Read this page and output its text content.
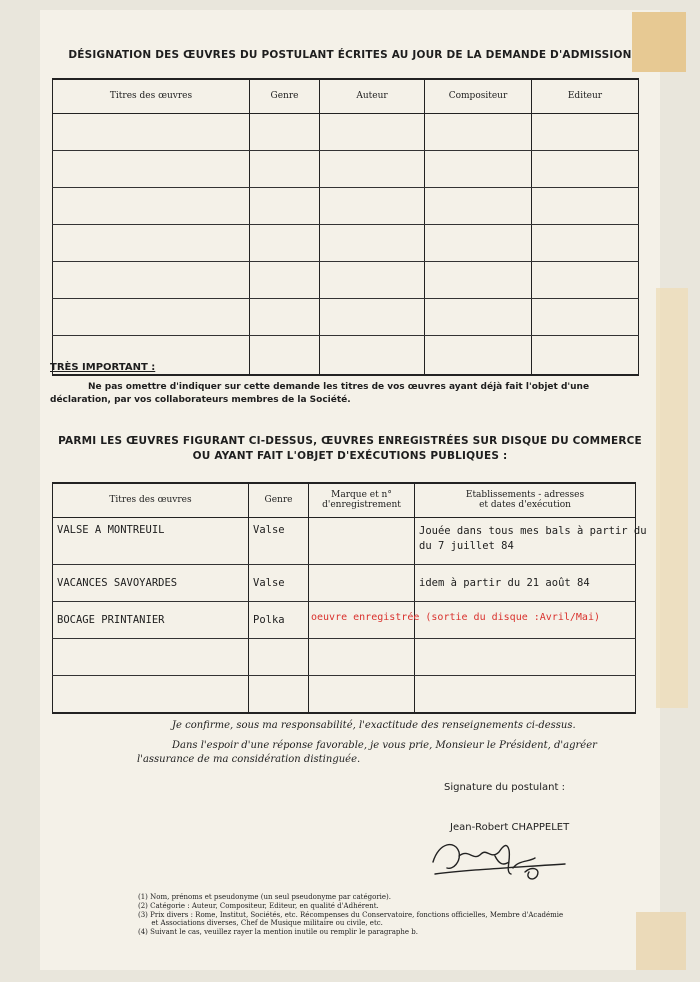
DÉSIGNATION DES ŒUVRES DU POSTULANT ÉCRITES AU JOUR DE LA DEMANDE D'ADMISSION
Titres des œuvres	Genre	Auteur	Compositeur	Editeur

TRÈS IMPORTANT :
Ne pas omettre d'indiquer sur cette demande les titres de vos œuvres ayant déjà fait l'objet d'une
déclaration, par vos collaborateurs membres de la Société.
PARMI LES ŒUVRES FIGURANT CI-DESSUS, ŒUVRES ENREGISTRÉES SUR DISQUE DU COMMERCE
OU AYANT FAIT L'OBJET D'EXÉCUTIONS PUBLIQUES :
Titres des œuvres	Genre	Marque et n°
d'enregistrement	Etablissements - adresses
et dates d'exécution
VALSE A MONTREUIL	Valse		Jouée dans tous mes bals à partir du
du 7 juillet 84
VACANCES SAVOYARDES	Valse		idem à partir du 21 août 84
BOCAGE PRINTANIER	Polka	oeuvre enregistrée (sortie du disque :Avril/Mai)	

Je confirme, sous ma responsabilité, l'exactitude des renseignements ci-dessus.
Dans l'espoir d'une réponse favorable, je vous prie, Monsieur le Président, d'agréer
l'assurance de ma considération distinguée.
Signature du postulant :
Jean-Robert CHAPPELET
(1) Nom, prénoms et pseudonyme (un seul pseudonyme par catégorie).
(2) Catégorie : Auteur, Compositeur, Editeur, en qualité d'Adhérent.
(3) Prix divers : Rome, Institut, Sociétés, etc. Récompenses du Conservatoire, fonctions officielles, Membre d'Académie
et Associations diverses, Chef de Musique militaire ou civile, etc.
(4) Suivant le cas, veuillez rayer la mention inutile ou remplir le paragraphe b.
